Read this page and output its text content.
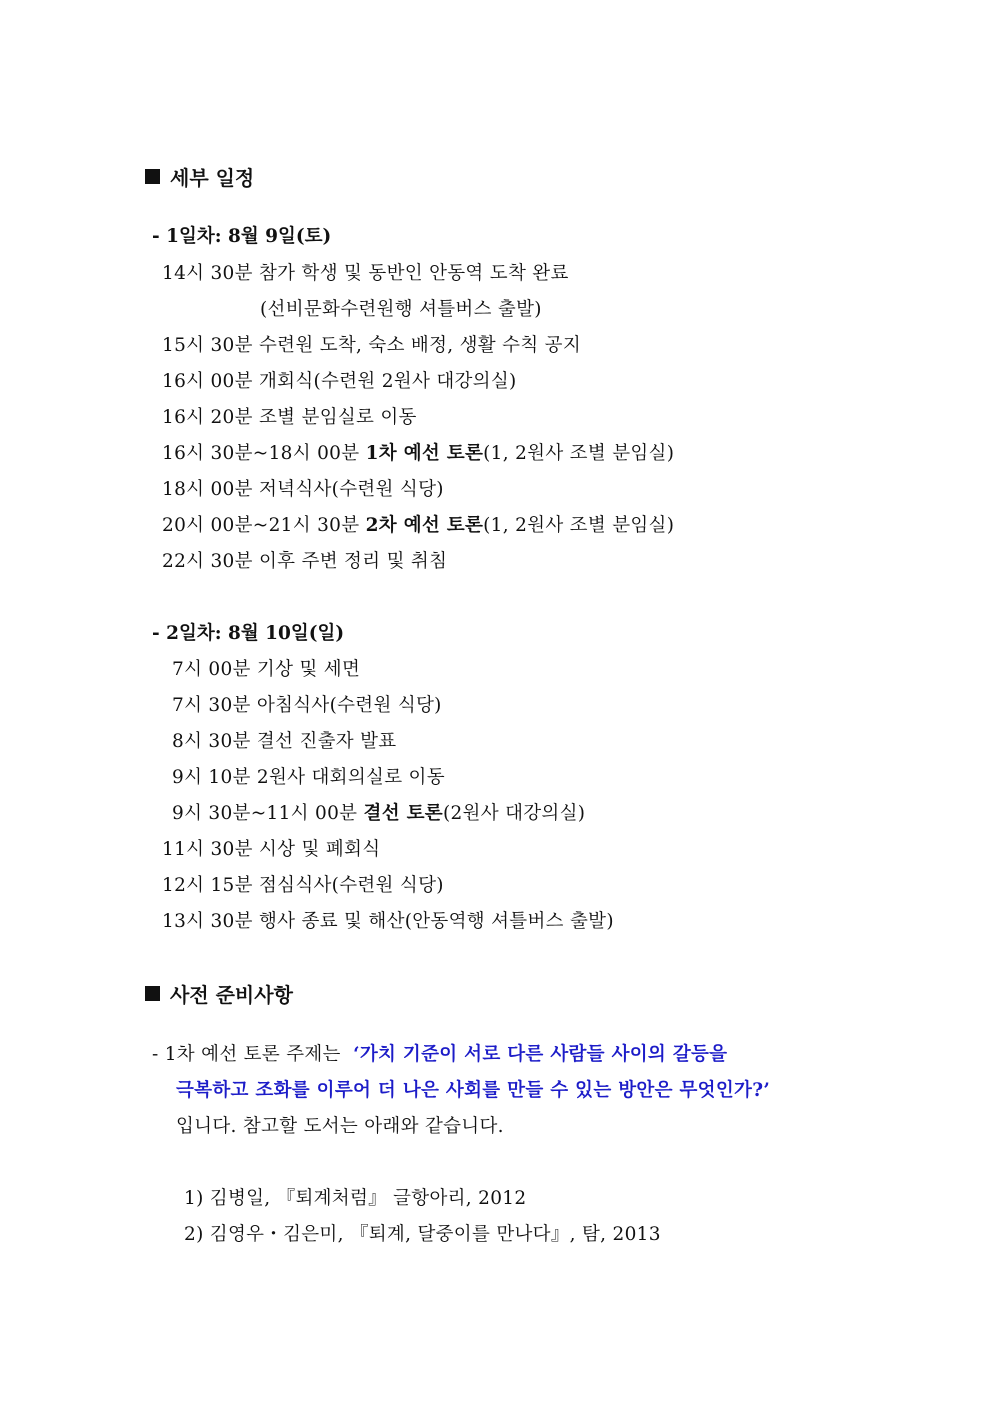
세부 일정
- 1일차: 8월 9일(토)
14시 30분 참가 학생 및 동반인 안동역 도착 완료
(선비문화수련원행 셔틀버스 출발)
15시 30분 수련원 도착, 숙소 배정, 생활 수칙 공지
16시 00분 개회식(수련원 2원사 대강의실)
16시 20분 조별 분임실로 이동
16시 30분~18시 00분 1차 예선 토론(1, 2원사 조별 분임실)
18시 00분 저녁식사(수련원 식당)
20시 00분~21시 30분 2차 예선 토론(1, 2원사 조별 분임실)
22시 30분 이후 주변 정리 및 취침
- 2일차: 8월 10일(일)
7시 00분 기상 및 세면
7시 30분 아침식사(수련원 식당)
8시 30분 결선 진출자 발표
9시 10분 2원사 대회의실로 이동
9시 30분~11시 00분 결선 토론(2원사 대강의실)
11시 30분 시상 및 폐회식
12시 15분 점심식사(수련원 식당)
13시 30분 행사 종료 및 해산(안동역행 셔틀버스 출발)
사전 준비사항
- 1차 예선 토론 주제는 ‘가치 기준이 서로 다른 사람들 사이의 갈등을
극복하고 조화를 이루어 더 나은 사회를 만들 수 있는 방안은 무엇인가?’
입니다. 참고할 도서는 아래와 같습니다.
1) 김병일, 『퇴계처럼』 글항아리, 2012
2) 김영우・김은미, 『퇴계, 달중이를 만나다』, 탐, 2013
